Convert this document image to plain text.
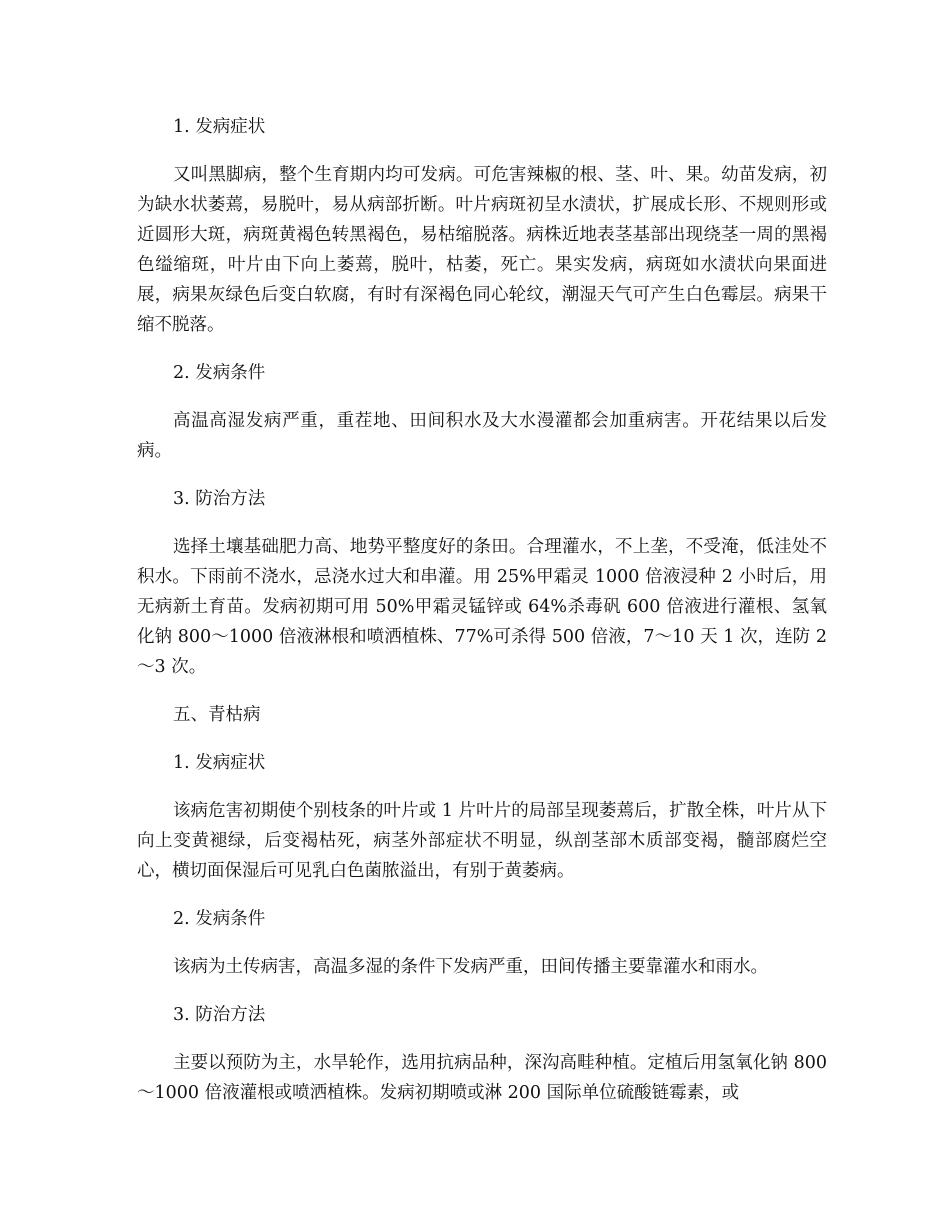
1. 发病症状

又叫黑脚病，整个生育期内均可发病。可危害辣椒的根、茎、叶、果。幼苗发病，初为缺水状萎蔫，易脱叶，易从病部折断。叶片病斑初呈水渍状，扩展成长形、不规则形或近圆形大斑，病斑黄褐色转黑褐色，易枯缩脱落。病株近地表茎基部出现绕茎一周的黑褐色缢缩斑，叶片由下向上萎蔫，脱叶，枯萎，死亡。果实发病，病斑如水渍状向果面进展，病果灰绿色后变白软腐，有时有深褐色同心轮纹，潮湿天气可产生白色霉层。病果干缩不脱落。

2. 发病条件

高温高湿发病严重，重茬地、田间积水及大水漫灌都会加重病害。开花结果以后发病。

3. 防治方法

选择土壤基础肥力高、地势平整度好的条田。合理灌水，不上垄，不受淹，低洼处不积水。下雨前不浇水，忌浇水过大和串灌。用 25%甲霜灵 1000 倍液浸种 2 小时后，用无病新土育苗。发病初期可用 50%甲霜灵锰锌或 64%杀毒矾 600 倍液进行灌根、氢氧化钠 800～1000 倍液淋根和喷洒植株、77%可杀得 500 倍液，7～10 天 1 次，连防 2～3 次。

五、青枯病

1. 发病症状

该病危害初期使个别枝条的叶片或 1 片叶片的局部呈现萎蔫后，扩散全株，叶片从下向上变黄褪绿，后变褐枯死，病茎外部症状不明显，纵剖茎部木质部变褐，髓部腐烂空心，横切面保湿后可见乳白色菌脓溢出，有别于黄萎病。

2. 发病条件

该病为土传病害，高温多湿的条件下发病严重，田间传播主要靠灌水和雨水。

3. 防治方法

主要以预防为主，水旱轮作，选用抗病品种，深沟高畦种植。定植后用氢氧化钠 800～1000 倍液灌根或喷洒植株。发病初期喷或淋 200 国际单位硫酸链霉素，或
